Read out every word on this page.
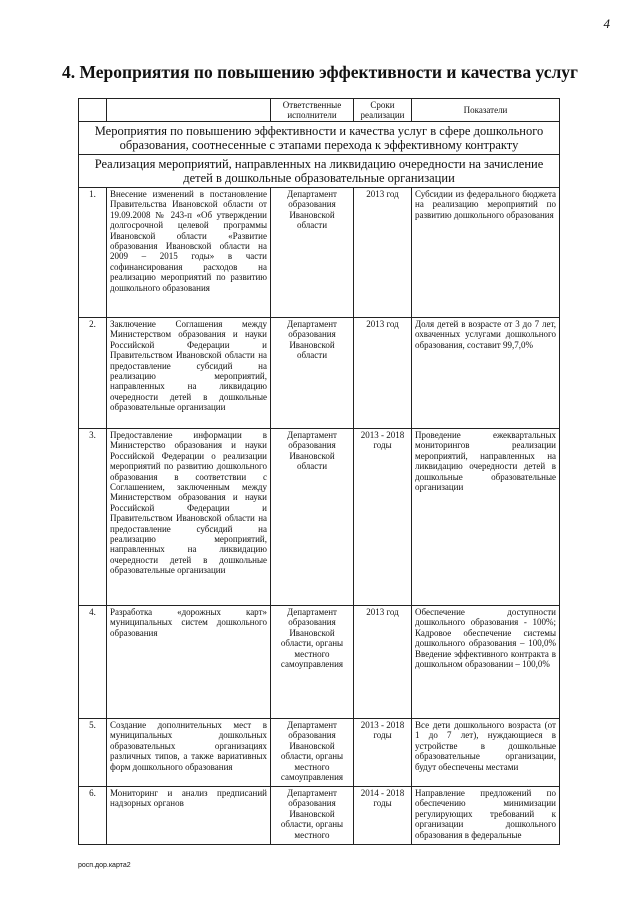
4
4. Мероприятия по повышению эффективности и качества услуг
		Ответственные исполнители	Сроки реализации	Показатели
Мероприятия по повышению эффективности и качества услуг в сфере дошкольного образования, соотнесенные с этапами перехода к эффективному контракту				
Реализация мероприятий, направленных на ликвидацию очередности на зачисление детей в дошкольные образовательные организации				
1.	Внесение изменений в постановление Правительства Ивановской области от 19.09.2008 № 243-п «Об утверждении долгосрочной целевой программы Ивановской области «Развитие образования Ивановской области на 2009 – 2015 годы» в части софинансирования расходов на реализацию мероприятий по развитию дошкольного образования	Департамент образования Ивановской области	2013 год	Субсидии из федерального бюджета на реализацию мероприятий по развитию дошкольного образования
2.	Заключение Соглашения между Министерством образования и науки Российской Федерации и Правительством Ивановской области на предоставление субсидий на реализацию мероприятий, направленных на ликвидацию очередности детей в дошкольные образовательные организации	Департамент образования Ивановской области	2013 год	Доля детей в возрасте от 3 до 7 лет, охваченных услугами дошкольного образования, составит 99,7,0%
3.	Предоставление информации в Министерство образования и науки Российской Федерации о реализации мероприятий по развитию дошкольного образования в соответствии с Соглашением, заключенным между Министерством образования и науки Российской Федерации и Правительством Ивановской области на предоставление субсидий на реализацию мероприятий, направленных на ликвидацию очередности детей в дошкольные образовательные организации	Департамент образования Ивановской области	2013 - 2018 годы	Проведение ежеквартальных мониторингов реализации мероприятий, направленных на ликвидацию очередности детей в дошкольные образовательные организации
4.	Разработка «дорожных карт» муниципальных систем дошкольного образования	Департамент образования Ивановской области, органы местного самоуправления	2013 год	Обеспечение доступности дошкольного образования - 100%; Кадровое обеспечение системы дошкольного образования – 100,0% Введение эффективного контракта в дошкольном образовании – 100,0%
5.	Создание дополнительных мест в муниципальных дошкольных образовательных организациях различных типов, а также вариативных форм дошкольного образования	Департамент образования Ивановской области, органы местного самоуправления	2013 - 2018 годы	Все дети дошкольного возраста (от 1 до 7 лет), нуждающиеся в устройстве в дошкольные образовательные организации, будут обеспечены местами
6.	Мониторинг и анализ предписаний надзорных органов	Департамент образования Ивановской области, органы местного	2014 - 2018 годы	Направление предложений по обеспечению минимизации регулирующих требований к организации дошкольного образования в федеральные
росп.дор.карта2
